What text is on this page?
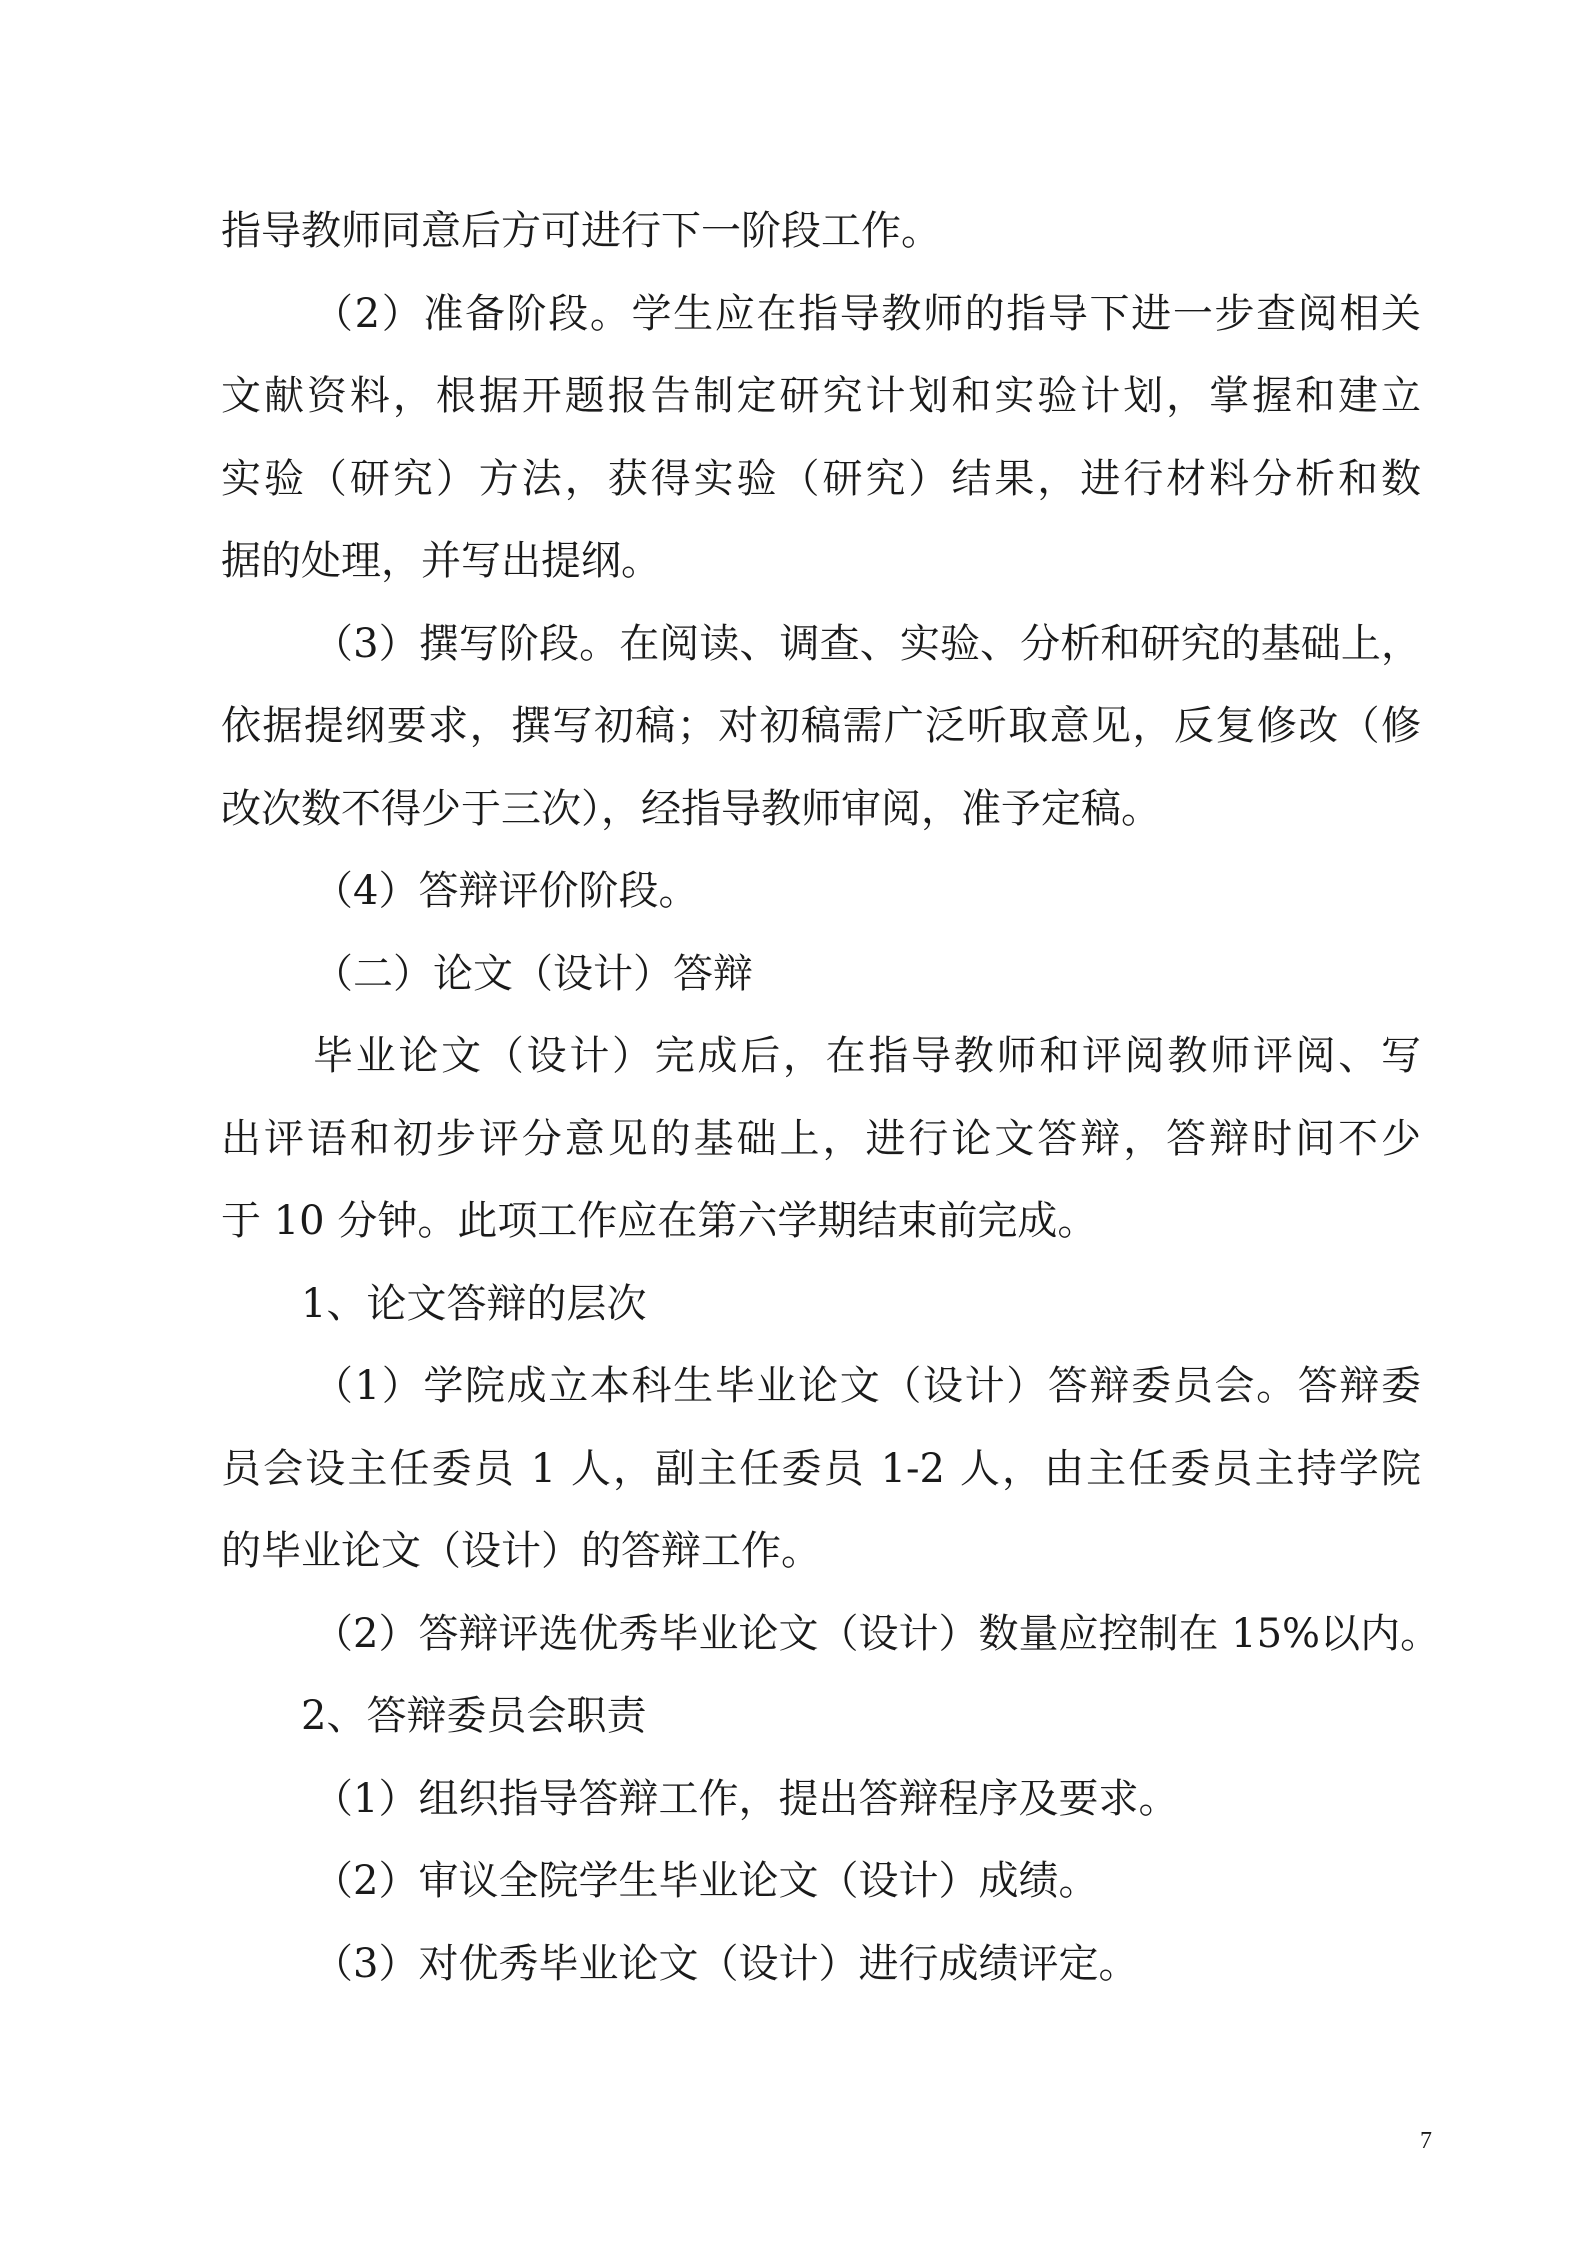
指导教师同意后方可进行下一阶段工作。
（2）准备阶段。学生应在指导教师的指导下进一步查阅相关
文献资料，根据开题报告制定研究计划和实验计划，掌握和建立
实验（研究）方法，获得实验（研究）结果，进行材料分析和数
据的处理，并写出提纲。
（3）撰写阶段。在阅读、调查、实验、分析和研究的基础上，
依据提纲要求，撰写初稿；对初稿需广泛听取意见，反复修改（修
改次数不得少于三次），经指导教师审阅，准予定稿。
（4）答辩评价阶段。
（二）论文（设计）答辩
毕业论文（设计）完成后，在指导教师和评阅教师评阅、写
出评语和初步评分意见的基础上，进行论文答辩，答辩时间不少
于 10 分钟。此项工作应在第六学期结束前完成。
1、论文答辩的层次
（1）学院成立本科生毕业论文（设计）答辩委员会。答辩委
员会设主任委员 1 人，副主任委员 1-2 人，由主任委员主持学院
的毕业论文（设计）的答辩工作。
（2）答辩评选优秀毕业论文（设计）数量应控制在 15%以内。
2、答辩委员会职责
（1）组织指导答辩工作，提出答辩程序及要求。
（2）审议全院学生毕业论文（设计）成绩。
（3）对优秀毕业论文（设计）进行成绩评定。
7
